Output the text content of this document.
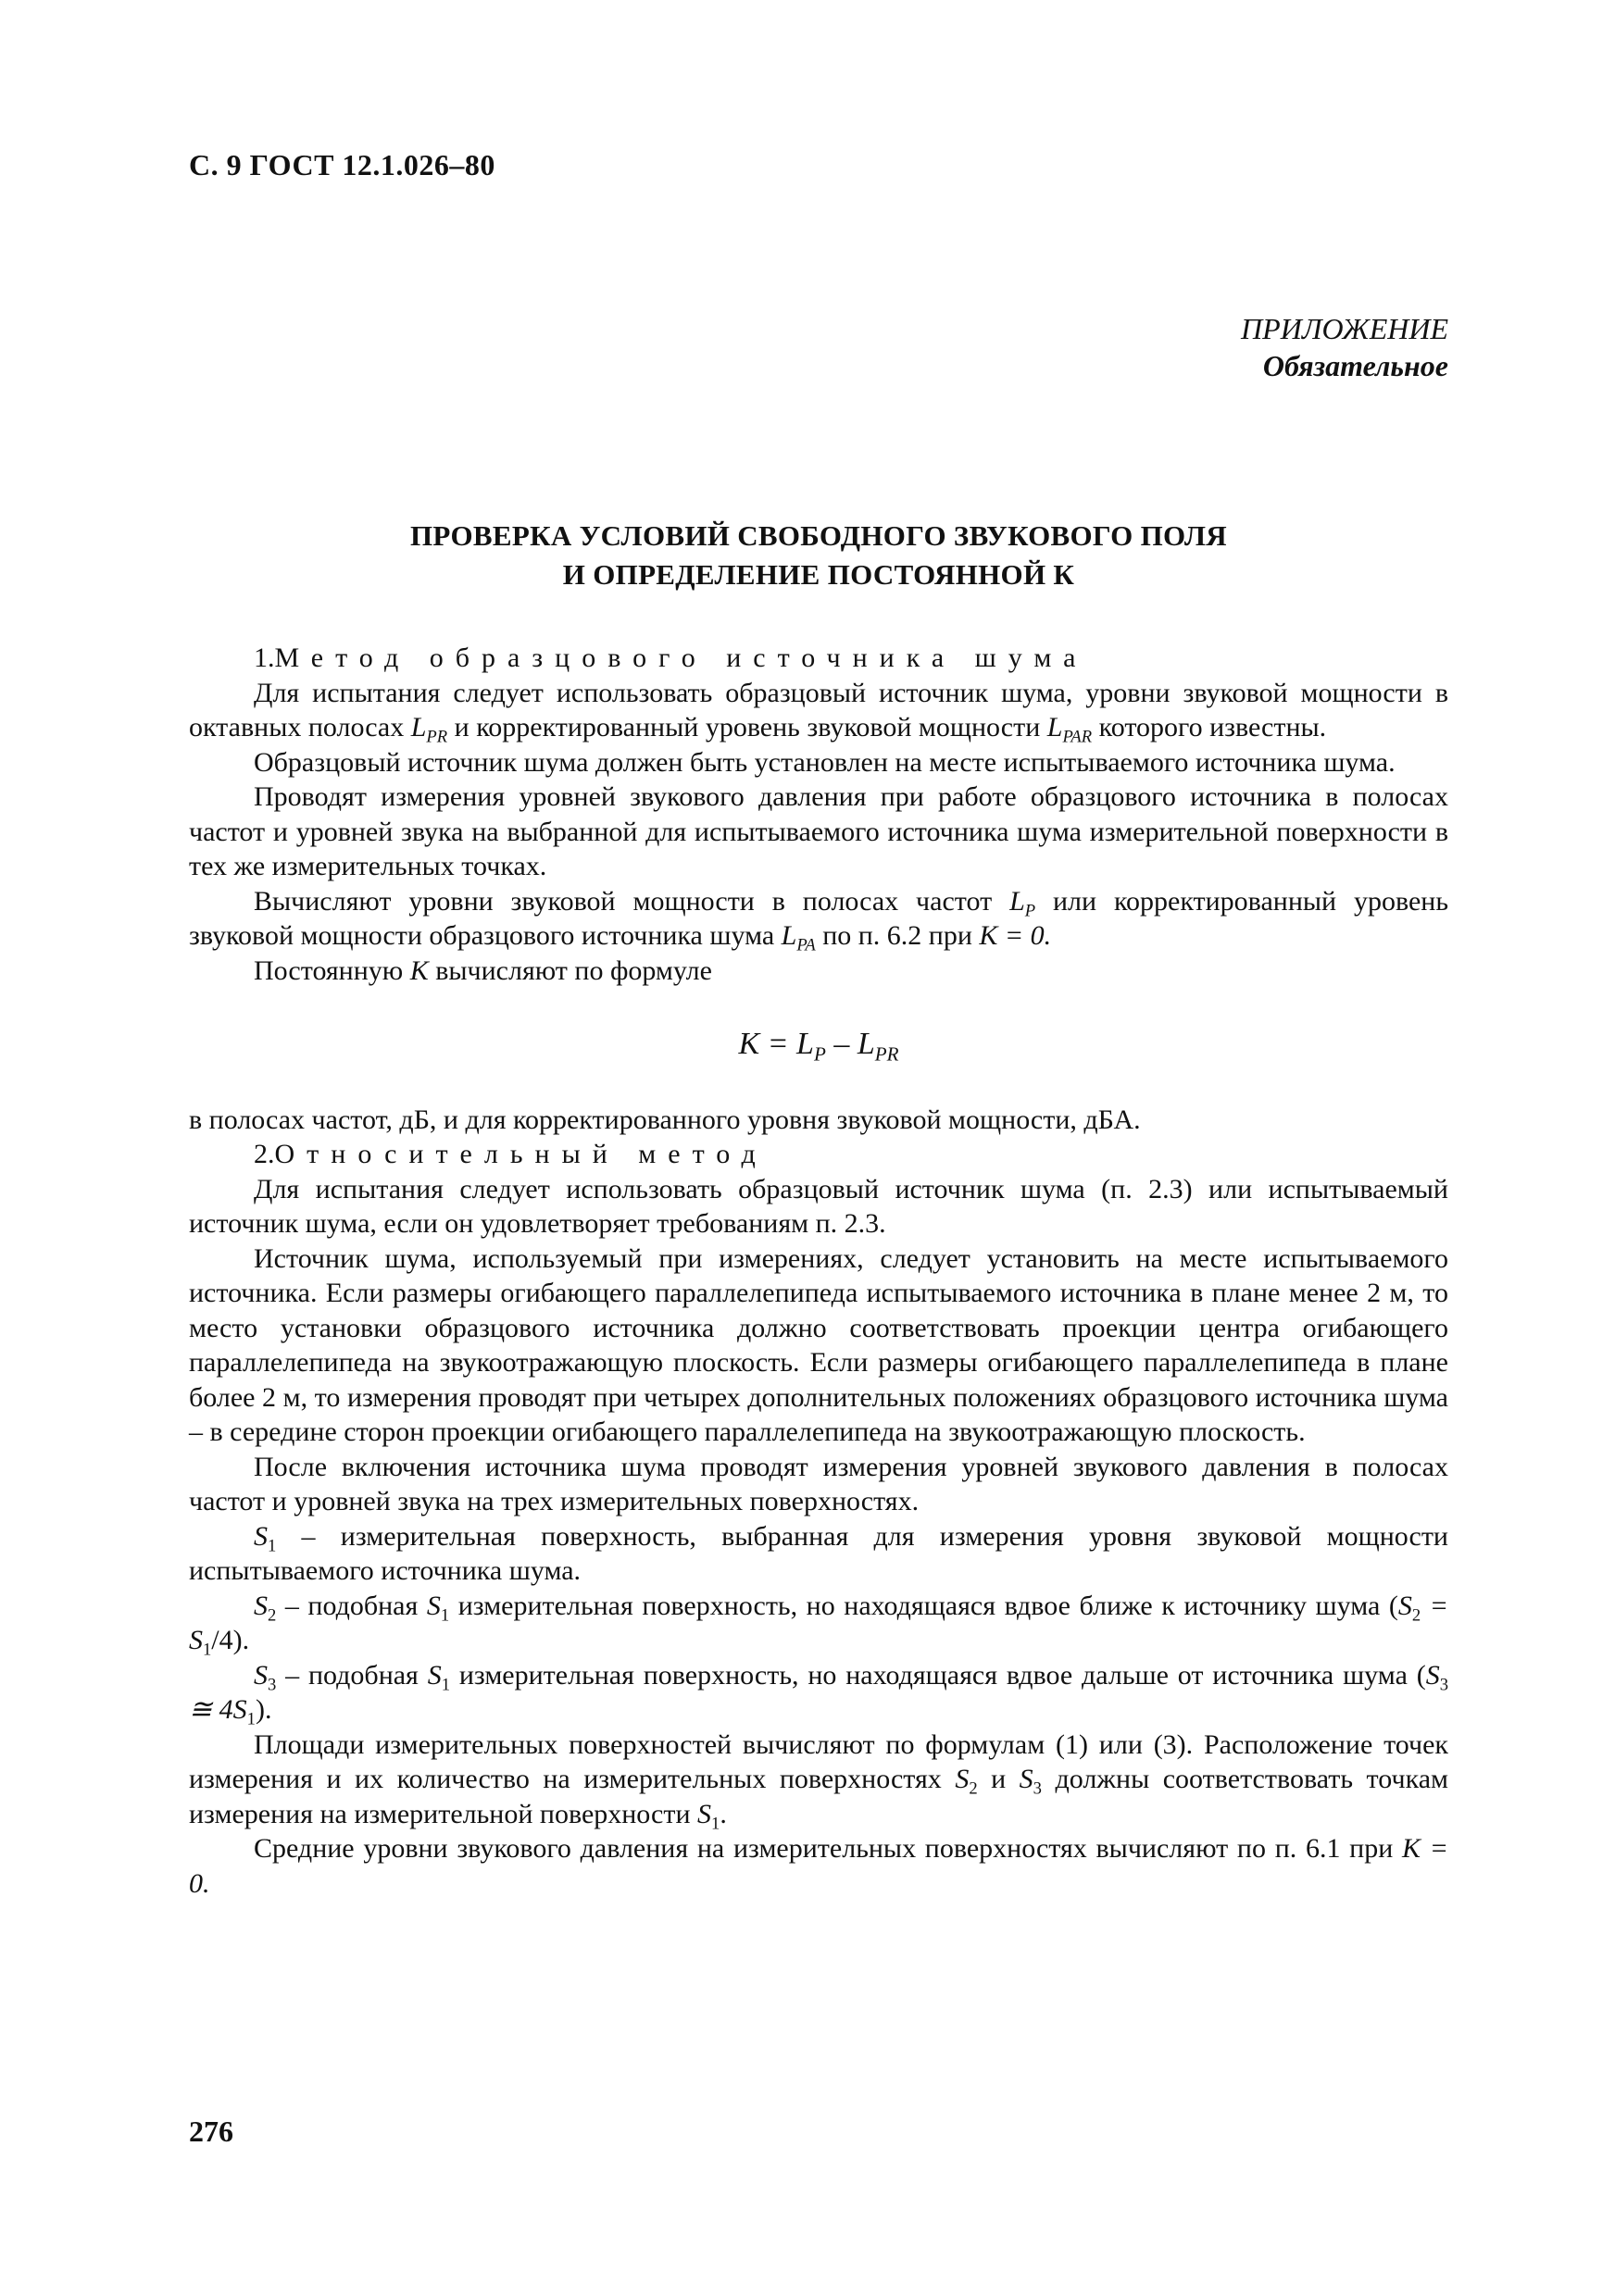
С. 9 ГОСТ 12.1.026–80
ПРИЛОЖЕНИЕ
Обязательное
ПРОВЕРКА УСЛОВИЙ СВОБОДНОГО ЗВУКОВОГО ПОЛЯ
И ОПРЕДЕЛЕНИЕ ПОСТОЯННОЙ К

1.Метод образцового источника шума

Для испытания следует использовать образцовый источник шума, уровни звуковой мощности в октавных полосах $L_{PR}$ и корректированный уровень звуковой мощности $L_{PAR}$ которого известны.

Образцовый источник шума должен быть установлен на месте испытываемого источника шума.

Проводят измерения уровней звукового давления при работе образцового источника в полосах частот и уровней звука на выбранной для испытываемого источника шума измерительной поверхности в тех же измерительных точках.

Вычисляют уровни звуковой мощности в полосах частот $L_P$ или корректированный уровень звуковой мощности образцового источника шума $L_{PA}$ по п. 6.2 при K = 0.

Постоянную K вычисляют по формуле

$K = L_P - L_{PR}$

в полосах частот, дБ, и для корректированного уровня звуковой мощности, дБА.

2.Относительный метод

Для испытания следует использовать образцовый источник шума (п. 2.3) или испытываемый источник шума, если он удовлетворяет требованиям п. 2.3.

Источник шума, используемый при измерениях, следует установить на месте испытываемого источника. Если размеры огибающего параллелепипеда испытываемого источника в плане менее 2 м, то место установки образцового источника должно соответствовать проекции центра огибающего параллелепипеда на звукоотражающую плоскость. Если размеры огибающего параллелепипеда в плане более 2 м, то измерения проводят при четырех дополнительных положениях образцового источника шума – в середине сторон проекции огибающего параллелепипеда на звукоотражающую плоскость.

После включения источника шума проводят измерения уровней звукового давления в полосах частот и уровней звука на трех измерительных поверхностях.

$S_1$ – измерительная поверхность, выбранная для измерения уровня звуковой мощности испытываемого источника шума.

$S_2$ – подобная $S_1$ измерительная поверхность, но находящаяся вдвое ближе к источнику шума $(S_2 = S_1/4)$.

$S_3$ – подобная $S_1$ измерительная поверхность, но находящаяся вдвое дальше от источника шума ($S_3$ ≅ $4S_1$).

Площади измерительных поверхностей вычисляют по формулам (1) или (3). Расположение точек измерения и их количество на измерительных поверхностях $S_2$ и $S_3$ должны соответствовать точкам измерения на измерительной поверхности $S_1$.

Средние уровни звукового давления на измерительных поверхностях вычисляют по п. 6.1 при K = 0.

276
